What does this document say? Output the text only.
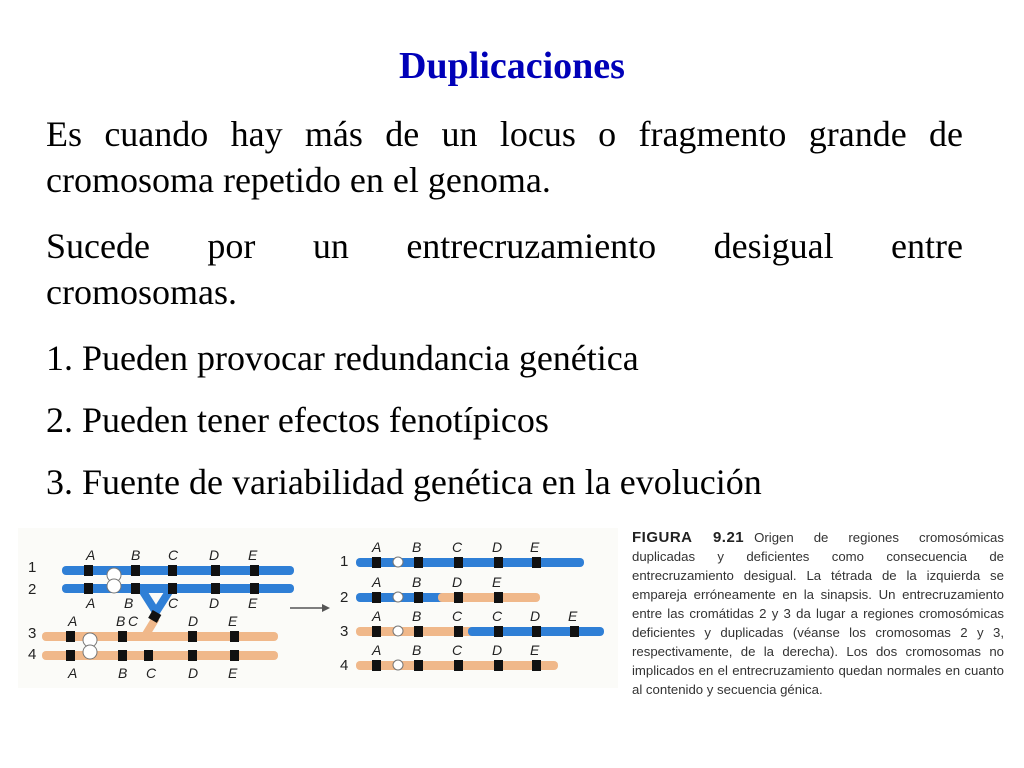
Duplicaciones
Es cuando hay más de un locus o fragmento grande de cromosoma repetido en el genoma.
Sucede por un entrecruzamiento desigual entre
cromosomas.
1. Pueden provocar redundancia genética
2. Pueden tener efectos fenotípicos
3. Fuente de variabilidad genética en la evolución
1
2
3
4
A	B C D E
A B C D E
A	B C	D E
A	B C D E
1
2
3
4
A B C D E
A B D E
A B C C D E
A B C D E
FIGURA 9.21 Origen de regiones cromosómicas duplicadas y deficientes como consecuencia de entrecruzamiento desigual. La tétrada de la izquierda se empareja erróneamente en la sinapsis. Un entrecruzamiento entre las cromátidas 2 y 3 da lugar a regiones cromosómicas deficientes y duplicadas (véanse los cromosomas 2 y 3, respectivamente, de la derecha). Los dos cromosomas no implicados en el entrecruzamiento quedan normales en cuanto al contenido y secuencia génica.
